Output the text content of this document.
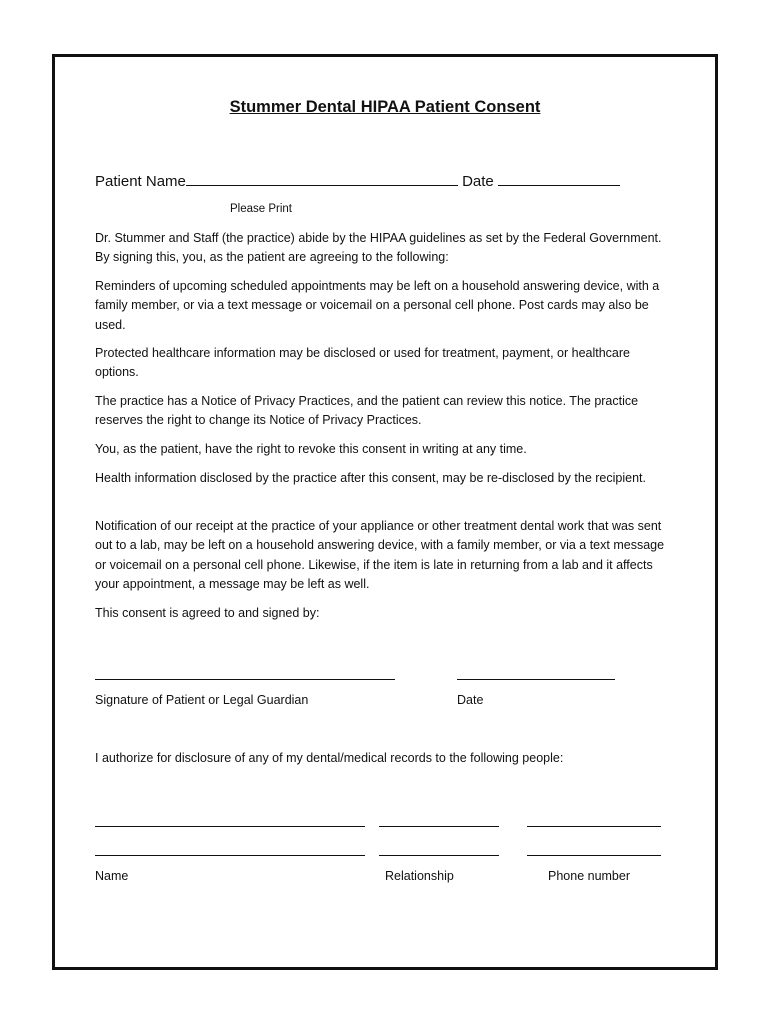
Stummer Dental HIPAA Patient Consent
Patient Name	Date
Please Print
Dr. Stummer and Staff (the practice) abide by the HIPAA guidelines as set by the Federal Government. By signing this, you, as the patient are agreeing to the following:
Reminders of upcoming scheduled appointments may be left on a household answering device, with a family member, or via a text message or voicemail on a personal cell phone. Post cards may also be used.
Protected healthcare information may be disclosed or used for treatment, payment, or healthcare options.
The practice has a Notice of Privacy Practices, and the patient can review this notice. The practice reserves the right to change its Notice of Privacy Practices.
You, as the patient, have the right to revoke this consent in writing at any time.
Health information disclosed by the practice after this consent, may be re-disclosed by the recipient.
Notification of our receipt at the practice of your appliance or other treatment dental work that was sent out to a lab, may be left on a household answering device, with a family member, or via a text message or voicemail on a personal cell phone. Likewise, if the item is late in returning from a lab and it affects your appointment, a message may be left as well.
This consent is agreed to and signed by:
Signature of Patient or Legal Guardian	Date
I authorize for disclosure of any of my dental/medical records to the following people:
Name	Relationship	Phone number
